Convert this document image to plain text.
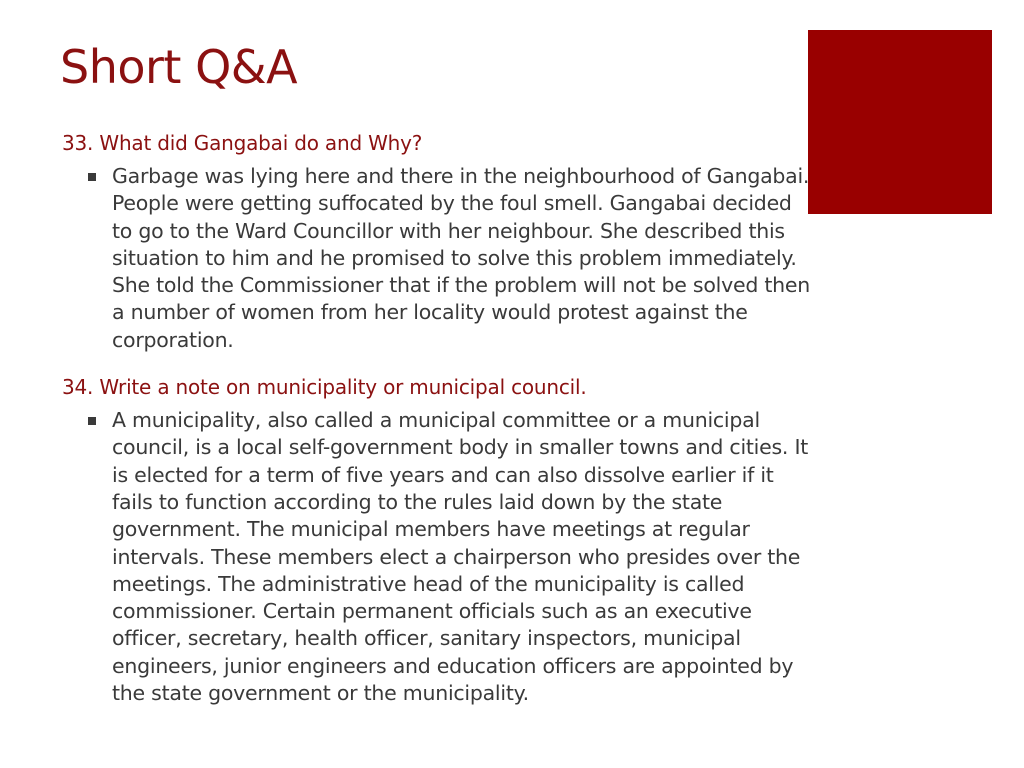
Short Q&A
33. What did Gangabai do and Why?
Garbage was lying here and there in the neighbourhood of Gangabai. People were getting suffocated by the foul smell. Gangabai decided to go to the Ward Councillor with her neighbour. She described this situation to him and he promised to solve this problem immediately. She told the Commissioner that if the problem will not be solved then a number of women from her locality would protest against the corporation.
34. Write a note on municipality or municipal council.
A municipality, also called a municipal committee or a municipal council, is a local self-government body in smaller towns and cities. It is elected for a term of five years and can also dissolve earlier if it fails to function according to the rules laid down by the state government. The municipal members have meetings at regular intervals. These members elect a chairperson who presides over the meetings. The administrative head of the municipality is called commissioner. Certain permanent officials such as an executive officer, secretary, health officer, sanitary inspectors, municipal engineers, junior engineers and education officers are appointed by the state government or the municipality.
